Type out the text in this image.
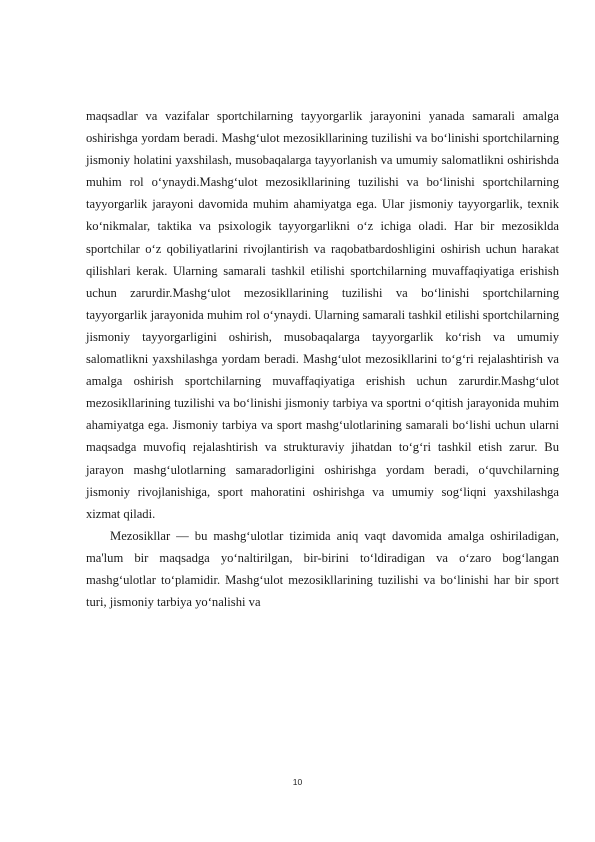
maqsadlar va vazifalar sportchilarning tayyorgarlik jarayonini yanada samarali amalga oshirishga yordam beradi. Mashg‘ulot mezosikllarining tuzilishi va bo‘linishi sportchilarning jismoniy holatini yaxshilash, musobaqalarga tayyorlanish va umumiy salomatlikni oshirishda muhim rol o‘ynaydi.Mashg‘ulot mezosikllarining tuzilishi va bo‘linishi sportchilarning tayyorgarlik jarayoni davomida muhim ahamiyatga ega. Ular jismoniy tayyorgarlik, texnik ko‘nikmalar, taktika va psixologik tayyorgarlikni o‘z ichiga oladi. Har bir mezosiklda sportchilar o‘z qobiliyatlarini rivojlantirish va raqobatbardoshligini oshirish uchun harakat qilishlari kerak. Ularning samarali tashkil etilishi sportchilarning muvaffaqiyatiga erishish uchun zarurdir.Mashg‘ulot mezosikllarining tuzilishi va bo‘linishi sportchilarning tayyorgarlik jarayonida muhim rol o‘ynaydi. Ularning samarali tashkil etilishi sportchilarning jismoniy tayyorgarligini oshirish, musobaqalarga tayyorgarlik ko‘rish va umumiy salomatlikni yaxshilashga yordam beradi. Mashg‘ulot mezosikllarini to‘g‘ri rejalashtirish va amalga oshirish sportchilarning muvaffaqiyatiga erishish uchun zarurdir.Mashg‘ulot mezosikllarining tuzilishi va bo‘linishi jismoniy tarbiya va sportni o‘qitish jarayonida muhim ahamiyatga ega. Jismoniy tarbiya va sport mashg‘ulotlarining samarali bo‘lishi uchun ularni maqsadga muvofiq rejalashtirish va strukturaviy jihatdan to‘g‘ri tashkil etish zarur. Bu jarayon mashg‘ulotlarning samaradorligini oshirishga yordam beradi, o‘quvchilarning jismoniy rivojlanishiga, sport mahoratini oshirishga va umumiy sog‘liqni yaxshilashga xizmat qiladi.

Mezosikllar — bu mashg‘ulotlar tizimida aniq vaqt davomida amalga oshiriladigan, ma'lum bir maqsadga yo‘naltirilgan, bir-birini to‘ldiradigan va o‘zaro bog‘langan mashg‘ulotlar to‘plamidir. Mashg‘ulot mezosikllarining tuzilishi va bo‘linishi har bir sport turi, jismoniy tarbiya yo‘nalishi va

10
